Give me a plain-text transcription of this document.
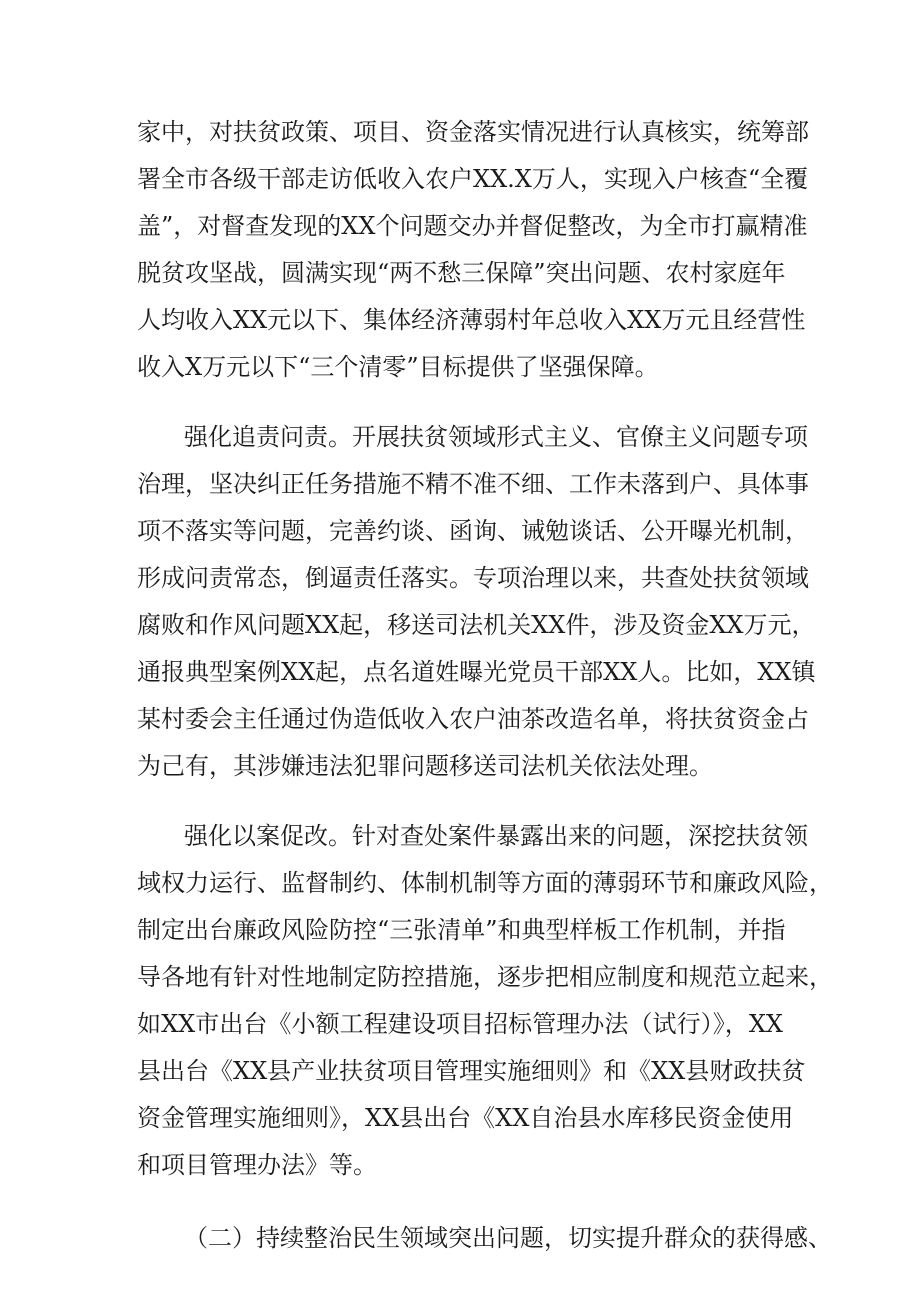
家中，对扶贫政策、项目、资金落实情况进行认真核实，统筹部

署全市各级干部走访低收入农户XX.X万人，实现入户核查“全覆

盖”，对督查发现的XX个问题交办并督促整改，为全市打赢精准

脱贫攻坚战，圆满实现“两不愁三保障”突出问题、农村家庭年

人均收入XX元以下、集体经济薄弱村年总收入XX万元且经营性

收入X万元以下“三个清零”目标提供了坚强保障。

强化追责问责。开展扶贫领域形式主义、官僚主义问题专项

治理，坚决纠正任务措施不精不准不细、工作未落到户、具体事

项不落实等问题，完善约谈、函询、诫勉谈话、公开曝光机制，

形成问责常态，倒逼责任落实。专项治理以来，共查处扶贫领域

腐败和作风问题XX起，移送司法机关XX件，涉及资金XX万元，

通报典型案例XX起，点名道姓曝光党员干部XX人。比如，XX镇

某村委会主任通过伪造低收入农户油茶改造名单，将扶贫资金占

为己有，其涉嫌违法犯罪问题移送司法机关依法处理。

强化以案促改。针对查处案件暴露出来的问题，深挖扶贫领

域权力运行、监督制约、体制机制等方面的薄弱环节和廉政风险，

制定出台廉政风险防控“三张清单”和典型样板工作机制，并指

导各地有针对性地制定防控措施，逐步把相应制度和规范立起来，

如XX市出台《小额工程建设项目招标管理办法（试行）》，XX

县出台《XX县产业扶贫项目管理实施细则》和《XX县财政扶贫

资金管理实施细则》，XX县出台《XX自治县水库移民资金使用

和项目管理办法》等。

（二）持续整治民生领域突出问题，切实提升群众的获得感、
